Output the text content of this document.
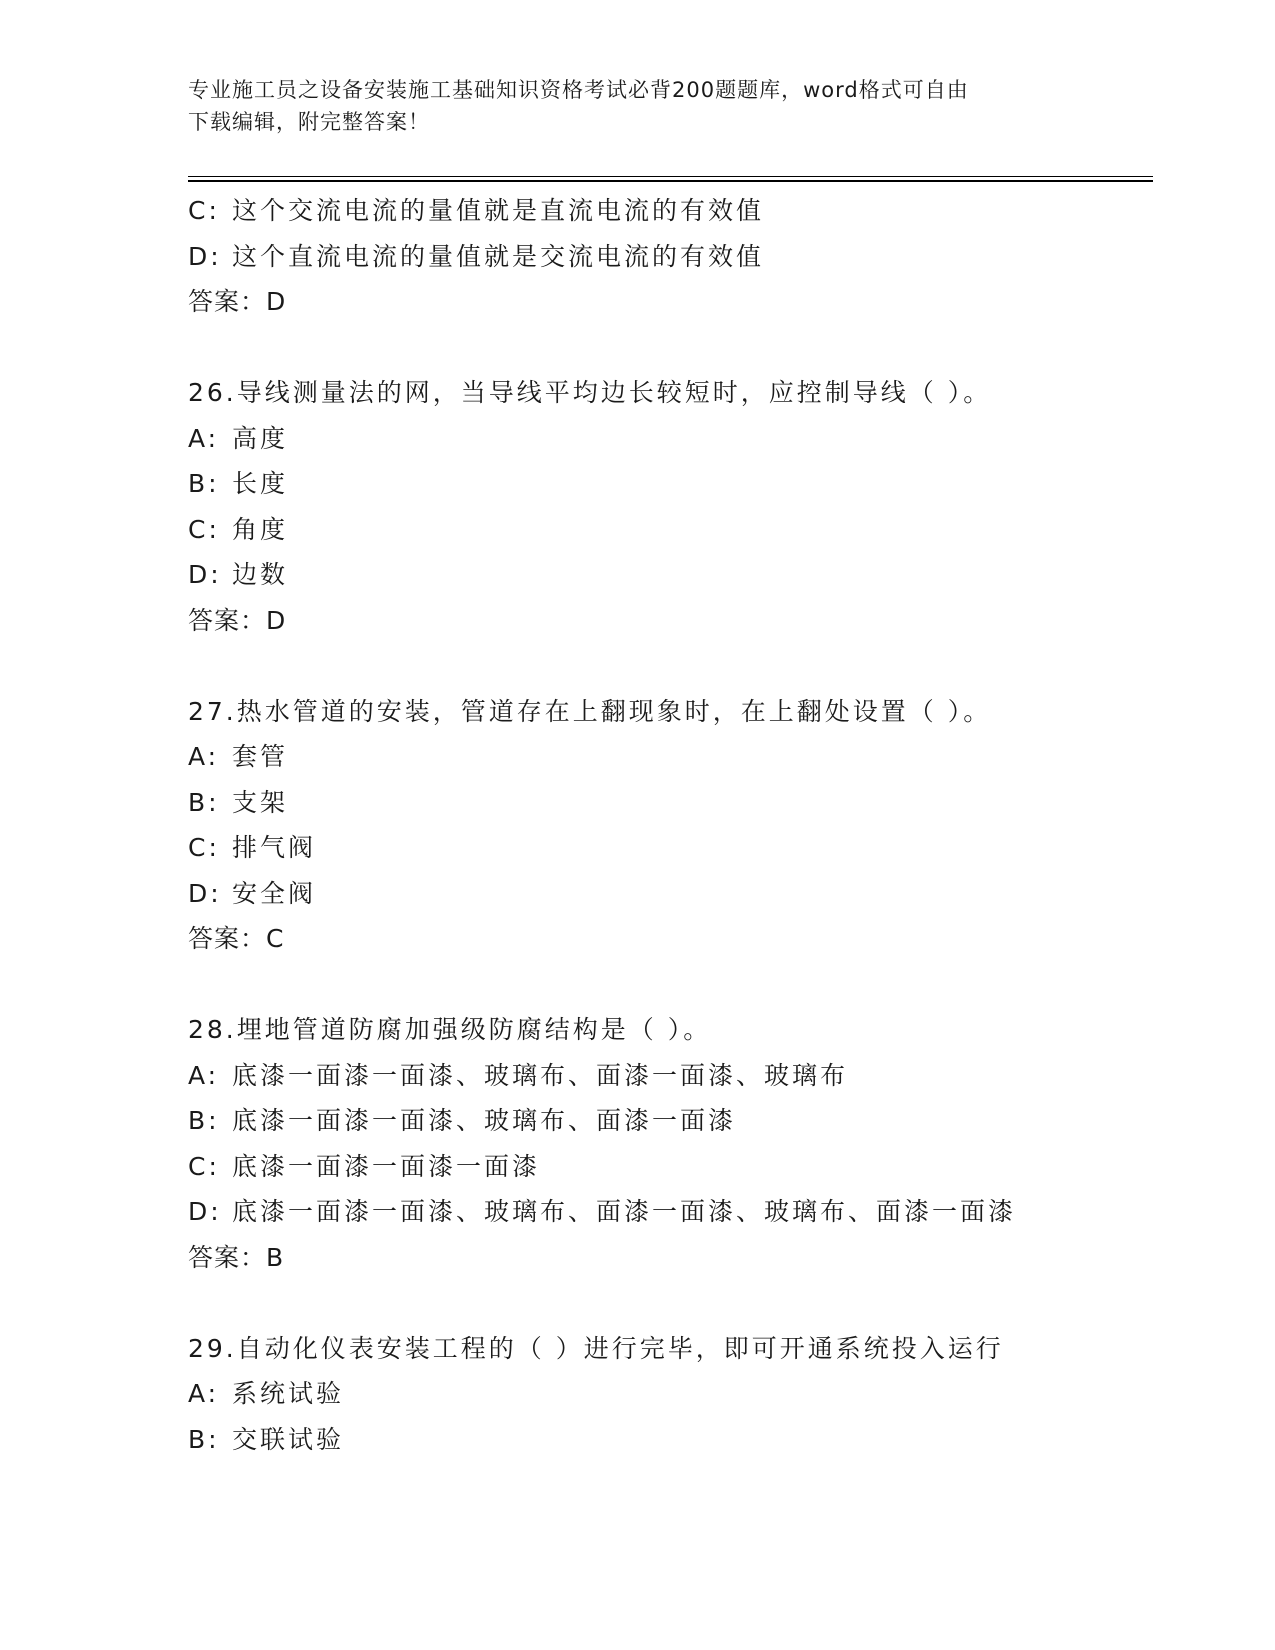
专业施工员之设备安装施工基础知识资格考试必背200题题库，word格式可自由
下载编辑，附完整答案！
C: 这个交流电流的量值就是直流电流的有效值
D: 这个直流电流的量值就是交流电流的有效值
答案：D
26.导线测量法的网，当导线平均边长较短时，应控制导线（ ）。
A: 高度
B: 长度
C: 角度
D: 边数
答案：D
27.热水管道的安装，管道存在上翻现象时，在上翻处设置（ ）。
A: 套管
B: 支架
C: 排气阀
D: 安全阀
答案：C
28.埋地管道防腐加强级防腐结构是（ ）。
A: 底漆一面漆一面漆、玻璃布、面漆一面漆、玻璃布
B: 底漆一面漆一面漆、玻璃布、面漆一面漆
C: 底漆一面漆一面漆一面漆
D: 底漆一面漆一面漆、玻璃布、面漆一面漆、玻璃布、面漆一面漆
答案：B
29.自动化仪表安装工程的（ ）进行完毕，即可开通系统投入运行
A: 系统试验
B: 交联试验
